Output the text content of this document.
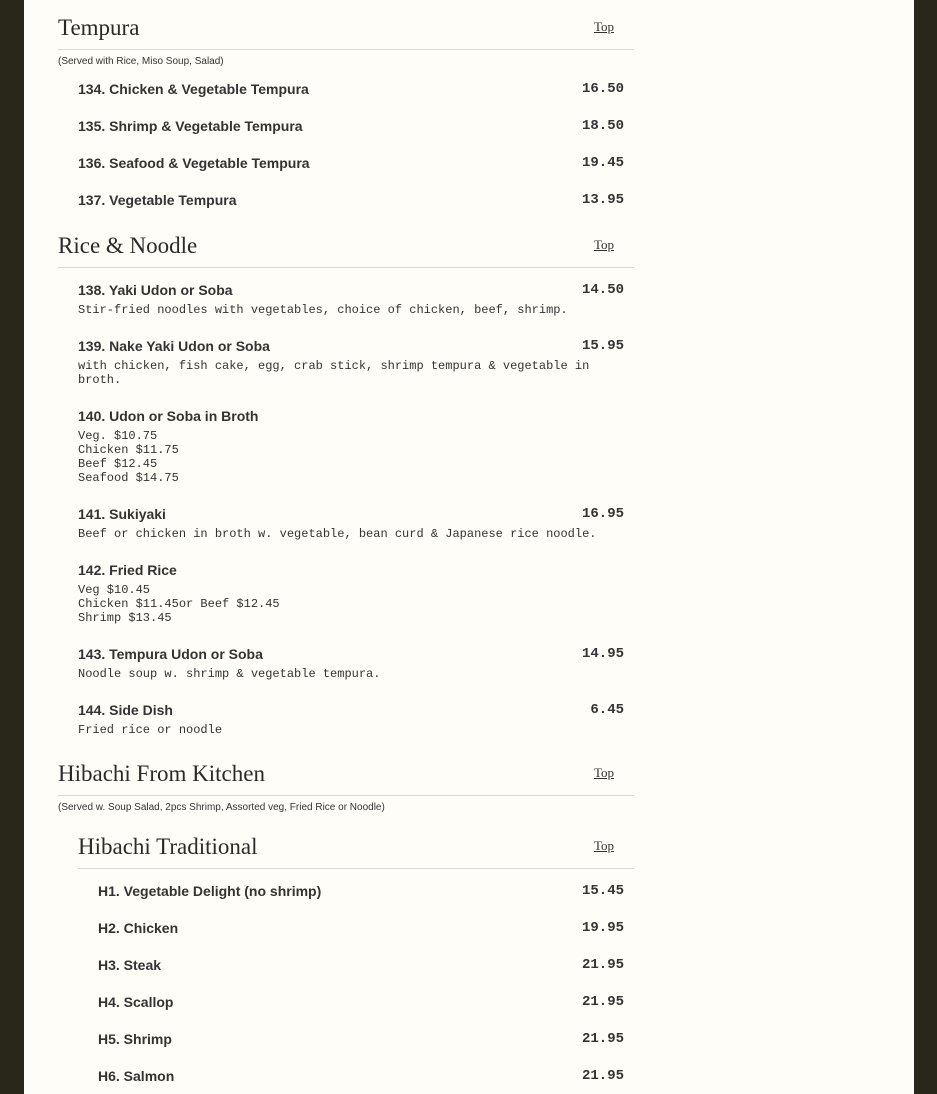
Tempura	Top
(Served with Rice, Miso Soup, Salad)
134. Chicken & Vegetable Tempura	16.50
135. Shrimp & Vegetable Tempura	18.50
136. Seafood & Vegetable Tempura	19.45
137. Vegetable Tempura	13.95
Rice & Noodle	Top
138. Yaki Udon or Soba	14.50
Stir-fried noodles with vegetables, choice of chicken, beef, shrimp.
139. Nake Yaki Udon or Soba	15.95
with chicken, fish cake, egg, crab stick, shrimp tempura & vegetable in broth.
140. Udon or Soba in Broth
Veg. $10.75
Chicken $11.75
Beef $12.45
Seafood $14.75
141. Sukiyaki	16.95
Beef or chicken in broth w. vegetable, bean curd & Japanese rice noodle.
142. Fried Rice
Veg $10.45
Chicken $11.45or Beef $12.45
Shrimp $13.45
143. Tempura Udon or Soba	14.95
Noodle soup w. shrimp & vegetable tempura.
144. Side Dish	6.45
Fried rice or noodle
Hibachi From Kitchen	Top
(Served w. Soup Salad, 2pcs Shrimp, Assorted veg, Fried Rice or Noodle)
Hibachi Traditional	Top
H1. Vegetable Delight (no shrimp)	15.45
H2. Chicken	19.95
H3. Steak	21.95
H4. Scallop	21.95
H5. Shrimp	21.95
H6. Salmon	21.95
